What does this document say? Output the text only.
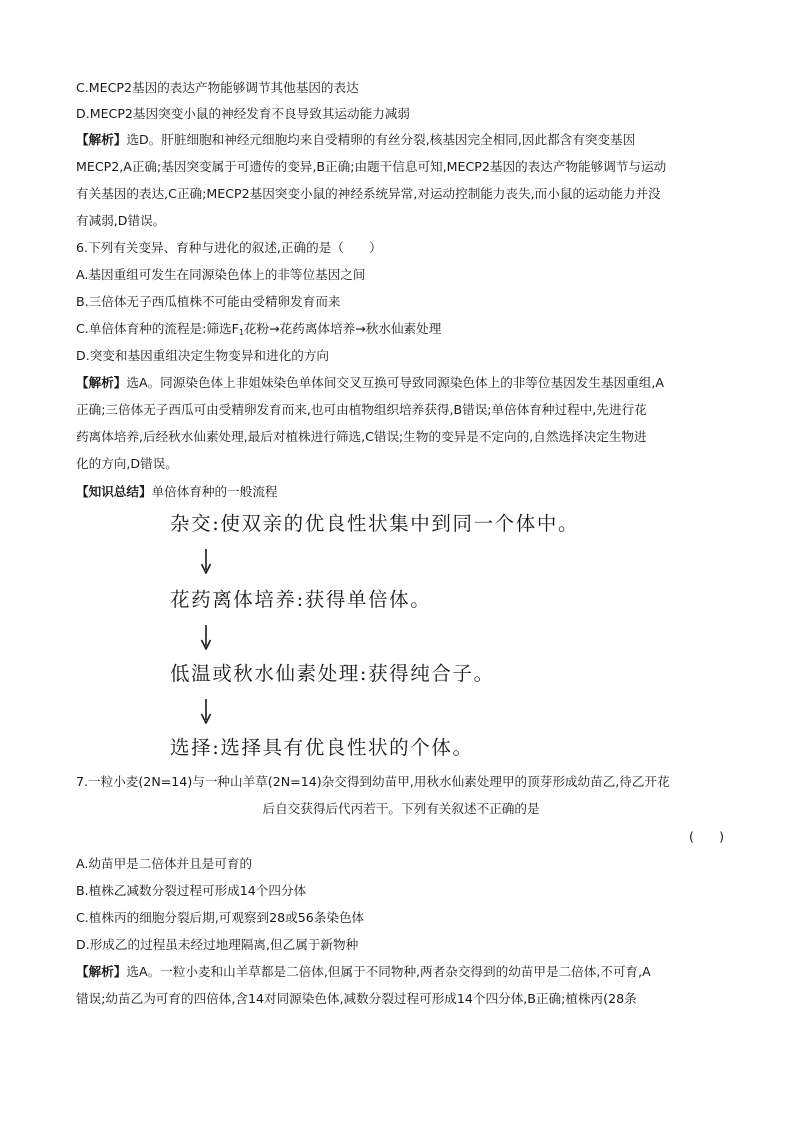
C.MECP2基因的表达产物能够调节其他基因的表达
D.MECP2基因突变小鼠的神经发育不良导致其运动能力减弱
【解析】选D。肝脏细胞和神经元细胞均来自受精卵的有丝分裂,核基因完全相同,因此都含有突变基因
MECP2,A正确;基因突变属于可遗传的变异,B正确;由题干信息可知,MECP2基因的表达产物能够调节与运动
有关基因的表达,C正确;MECP2基因突变小鼠的神经系统异常,对运动控制能力丧失,而小鼠的运动能力并没
有减弱,D错误。
6.下列有关变异、育种与进化的叙述,正确的是（　　）
A.基因重组可发生在同源染色体上的非等位基因之间
B.三倍体无子西瓜植株不可能由受精卵发育而来
C.单倍体育种的流程是:筛选$F_1$花粉→花药离体培养→秋水仙素处理
D.突变和基因重组决定生物变异和进化的方向
【解析】选A。同源染色体上非姐妹染色单体间交叉互换可导致同源染色体上的非等位基因发生基因重组,A
正确;三倍体无子西瓜可由受精卵发育而来,也可由植物组织培养获得,B错误;单倍体育种过程中,先进行花
药离体培养,后经秋水仙素处理,最后对植株进行筛选,C错误;生物的变异是不定向的,自然选择决定生物进
化的方向,D错误。
【知识总结】单倍体育种的一般流程
杂交:使双亲的优良性状集中到同一个体中。
花药离体培养:获得单倍体。
低温或秋水仙素处理:获得纯合子。
选择:选择具有优良性状的个体。
7.一粒小麦(2N=14)与一种山羊草(2N=14)杂交得到幼苗甲,用秋水仙素处理甲的顶芽形成幼苗乙,待乙开花
后自交获得后代丙若干。下列有关叙述不正确的是
(　　)
A.幼苗甲是二倍体并且是可育的
B.植株乙减数分裂过程可形成14个四分体
C.植株丙的细胞分裂后期,可观察到28或56条染色体
D.形成乙的过程虽未经过地理隔离,但乙属于新物种
【解析】选A。一粒小麦和山羊草都是二倍体,但属于不同物种,两者杂交得到的幼苗甲是二倍体,不可育,A
错误;幼苗乙为可育的四倍体,含14对同源染色体,减数分裂过程可形成14个四分体,B正确;植株丙(28条
